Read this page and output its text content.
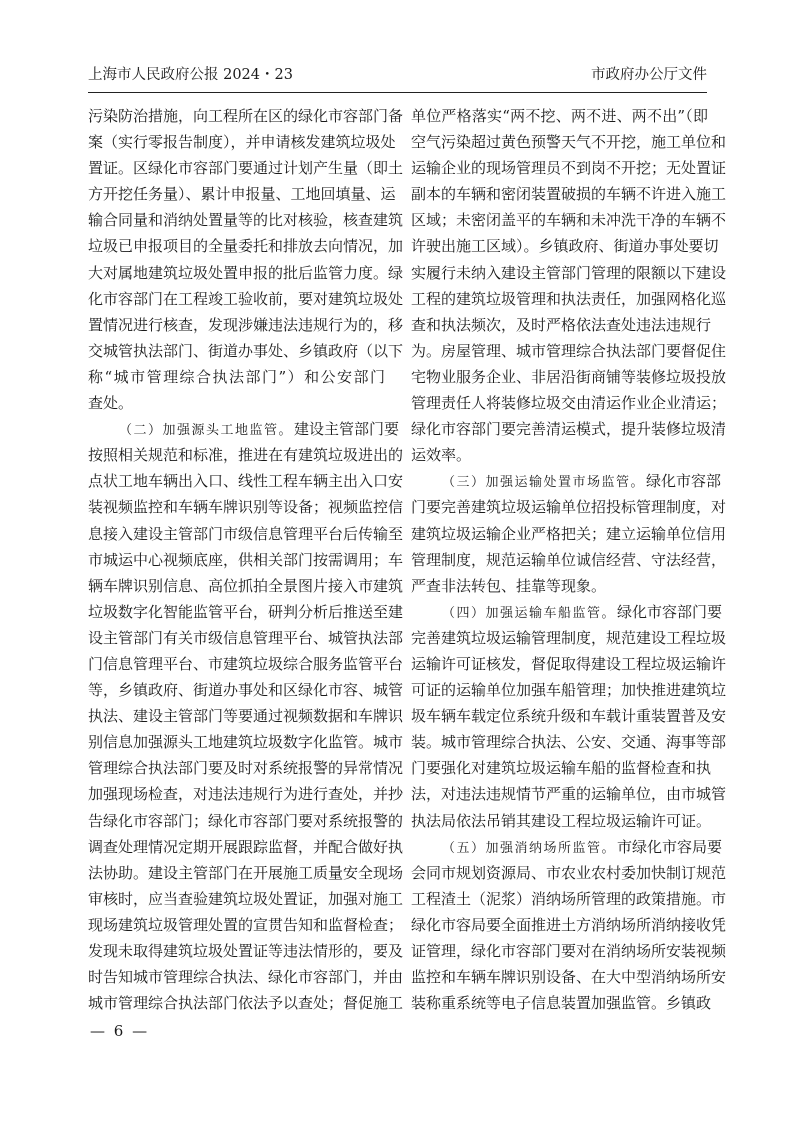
上海市人民政府公报 2024・23	市政府办公厅文件
污染防治措施，向工程所在区的绿化市容部门备
案（实行零报告制度），并申请核发建筑垃圾处
置证。区绿化市容部门要通过计划产生量（即土
方开挖任务量）、累计申报量、工地回填量、运
输合同量和消纳处置量等的比对核验，核查建筑
垃圾已申报项目的全量委托和排放去向情况，加
大对属地建筑垃圾处置申报的批后监管力度。绿
化市容部门在工程竣工验收前，要对建筑垃圾处
置情况进行核查，发现涉嫌违法违规行为的，移
交城管执法部门、街道办事处、乡镇政府（以下
称“城市管理综合执法部门”）和公安部门
查处。
（二）加强源头工地监管。建设主管部门要
按照相关规范和标准，推进在有建筑垃圾进出的
点状工地车辆出入口、线性工程车辆主出入口安
装视频监控和车辆车牌识别等设备；视频监控信
息接入建设主管部门市级信息管理平台后传输至
市城运中心视频底座，供相关部门按需调用；车
辆车牌识别信息、高位抓拍全景图片接入市建筑
垃圾数字化智能监管平台，研判分析后推送至建
设主管部门有关市级信息管理平台、城管执法部
门信息管理平台、市建筑垃圾综合服务监管平台
等，乡镇政府、街道办事处和区绿化市容、城管
执法、建设主管部门等要通过视频数据和车牌识
别信息加强源头工地建筑垃圾数字化监管。城市
管理综合执法部门要及时对系统报警的异常情况
加强现场检查，对违法违规行为进行查处，并抄
告绿化市容部门；绿化市容部门要对系统报警的
调查处理情况定期开展跟踪监督，并配合做好执
法协助。建设主管部门在开展施工质量安全现场
审核时，应当查验建筑垃圾处置证，加强对施工
现场建筑垃圾管理处置的宣贯告知和监督检查；
发现未取得建筑垃圾处置证等违法情形的，要及
时告知城市管理综合执法、绿化市容部门，并由
城市管理综合执法部门依法予以查处；督促施工
单位严格落实“两不挖、两不进、两不出”（即
空气污染超过黄色预警天气不开挖，施工单位和
运输企业的现场管理员不到岗不开挖；无处置证
副本的车辆和密闭装置破损的车辆不许进入施工
区域；未密闭盖平的车辆和未冲洗干净的车辆不
许驶出施工区域）。乡镇政府、街道办事处要切
实履行未纳入建设主管部门管理的限额以下建设
工程的建筑垃圾管理和执法责任，加强网格化巡
查和执法频次，及时严格依法查处违法违规行
为。房屋管理、城市管理综合执法部门要督促住
宅物业服务企业、非居沿街商铺等装修垃圾投放
管理责任人将装修垃圾交由清运作业企业清运；
绿化市容部门要完善清运模式，提升装修垃圾清
运效率。
（三）加强运输处置市场监管。绿化市容部
门要完善建筑垃圾运输单位招投标管理制度，对
建筑垃圾运输企业严格把关；建立运输单位信用
管理制度，规范运输单位诚信经营、守法经营，
严查非法转包、挂靠等现象。
（四）加强运输车船监管。绿化市容部门要
完善建筑垃圾运输管理制度，规范建设工程垃圾
运输许可证核发，督促取得建设工程垃圾运输许
可证的运输单位加强车船管理；加快推进建筑垃
圾车辆车载定位系统升级和车载计重装置普及安
装。城市管理综合执法、公安、交通、海事等部
门要强化对建筑垃圾运输车船的监督检查和执
法，对违法违规情节严重的运输单位，由市城管
执法局依法吊销其建设工程垃圾运输许可证。
（五）加强消纳场所监管。市绿化市容局要
会同市规划资源局、市农业农村委加快制订规范
工程渣土（泥浆）消纳场所管理的政策措施。市
绿化市容局要全面推进土方消纳场所消纳接收凭
证管理，绿化市容部门要对在消纳场所安装视频
监控和车辆车牌识别设备、在大中型消纳场所安
装称重系统等电子信息装置加强监管。乡镇政
— 6 —
